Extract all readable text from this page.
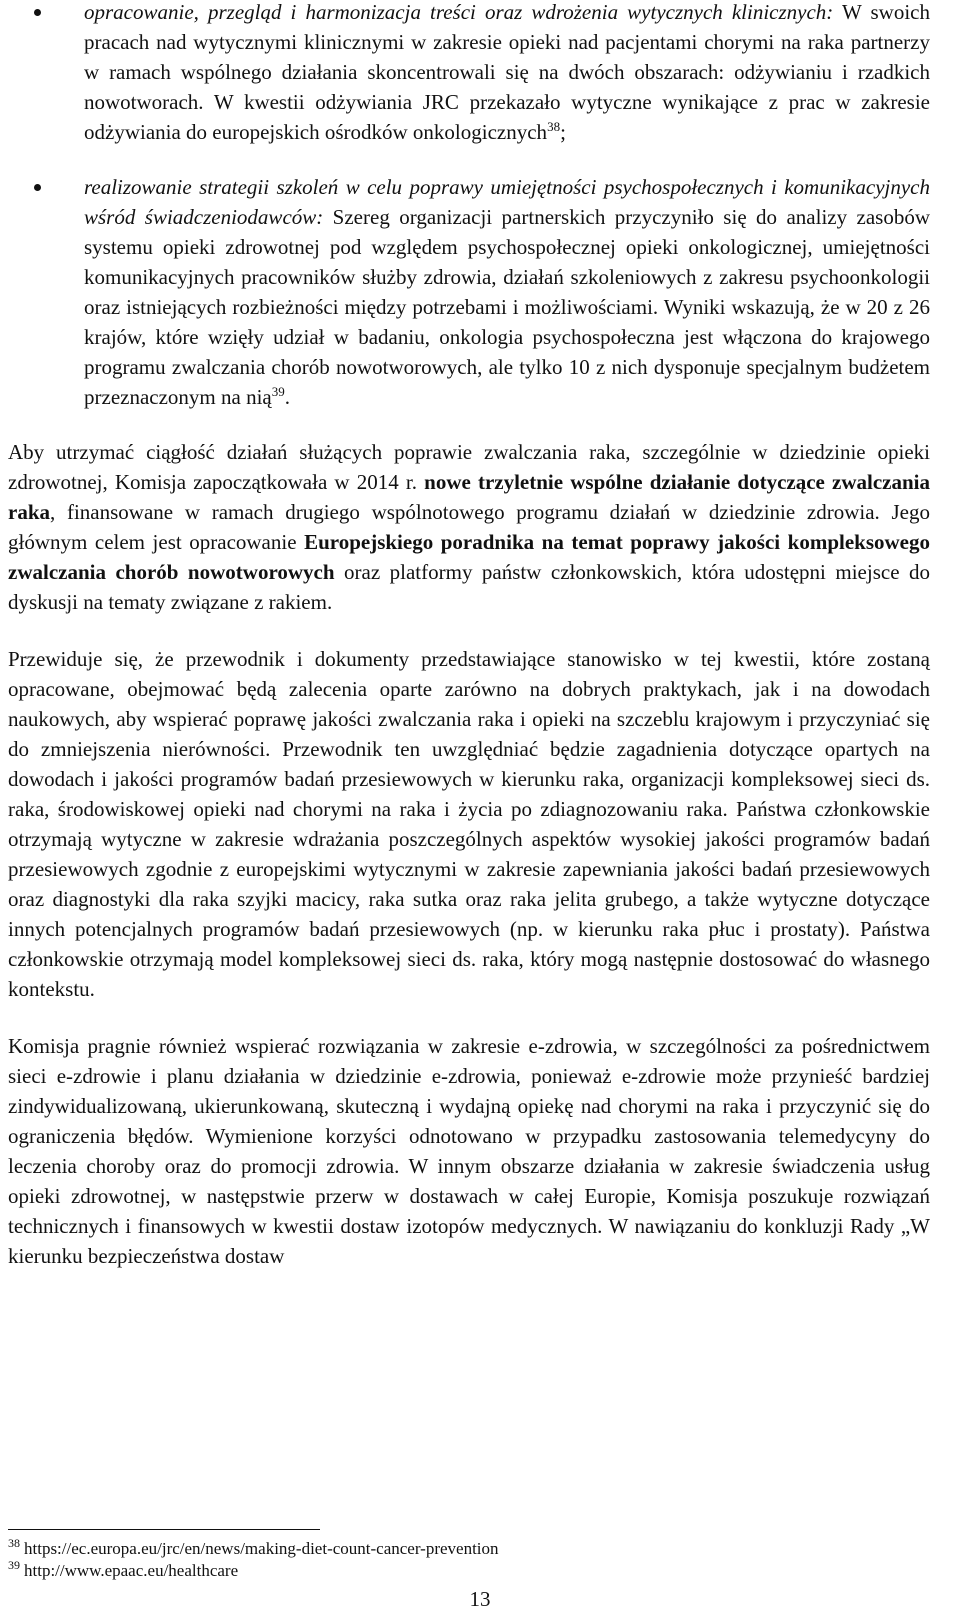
opracowanie, przegląd i harmonizacja treści oraz wdrożenia wytycznych klinicznych: W swoich pracach nad wytycznymi klinicznymi w zakresie opieki nad pacjentami chorymi na raka partnerzy w ramach wspólnego działania skoncentrowali się na dwóch obszarach: odżywianiu i rzadkich nowotworach. W kwestii odżywiania JRC przekazało wytyczne wynikające z prac w zakresie odżywiania do europejskich ośrodków onkologicznych$^{38}$;
realizowanie strategii szkoleń w celu poprawy umiejętności psychospołecznych i komunikacyjnych wśród świadczeniodawców: Szereg organizacji partnerskich przyczyniło się do analizy zasobów systemu opieki zdrowotnej pod względem psychospołecznej opieki onkologicznej, umiejętności komunikacyjnych pracowników służby zdrowia, działań szkoleniowych z zakresu psychoonkologii oraz istniejących rozbieżności między potrzebami i możliwościami. Wyniki wskazują, że w 20 z 26 krajów, które wzięły udział w badaniu, onkologia psychospołeczna jest włączona do krajowego programu zwalczania chorób nowotworowych, ale tylko 10 z nich dysponuje specjalnym budżetem przeznaczonym na nią$^{39}$.

Aby utrzymać ciągłość działań służących poprawie zwalczania raka, szczególnie w dziedzinie opieki zdrowotnej, Komisja zapoczątkowała w 2014 r. nowe trzyletnie wspólne działanie dotyczące zwalczania raka, finansowane w ramach drugiego wspólnotowego programu działań w dziedzinie zdrowia. Jego głównym celem jest opracowanie Europejskiego poradnika na temat poprawy jakości kompleksowego zwalczania chorób nowotworowych oraz platformy państw członkowskich, która udostępni miejsce do dyskusji na tematy związane z rakiem.

Przewiduje się, że przewodnik i dokumenty przedstawiające stanowisko w tej kwestii, które zostaną opracowane, obejmować będą zalecenia oparte zarówno na dobrych praktykach, jak i na dowodach naukowych, aby wspierać poprawę jakości zwalczania raka i opieki na szczeblu krajowym i przyczyniać się do zmniejszenia nierówności. Przewodnik ten uwzględniać będzie zagadnienia dotyczące opartych na dowodach i jakości programów badań przesiewowych w kierunku raka, organizacji kompleksowej sieci ds. raka, środowiskowej opieki nad chorymi na raka i życia po zdiagnozowaniu raka. Państwa członkowskie otrzymają wytyczne w zakresie wdrażania poszczególnych aspektów wysokiej jakości programów badań przesiewowych zgodnie z europejskimi wytycznymi w zakresie zapewniania jakości badań przesiewowych oraz diagnostyki dla raka szyjki macicy, raka sutka oraz raka jelita grubego, a także wytyczne dotyczące innych potencjalnych programów badań przesiewowych (np. w kierunku raka płuc i prostaty). Państwa członkowskie otrzymają model kompleksowej sieci ds. raka, który mogą następnie dostosować do własnego kontekstu.

Komisja pragnie również wspierać rozwiązania w zakresie e-zdrowia, w szczególności za pośrednictwem sieci e-zdrowie i planu działania w dziedzinie e-zdrowia, ponieważ e-zdrowie może przynieść bardziej zindywidualizowaną, ukierunkowaną, skuteczną i wydajną opiekę nad chorymi na raka i przyczynić się do ograniczenia błędów. Wymienione korzyści odnotowano w przypadku zastosowania telemedycyny do leczenia choroby oraz do promocji zdrowia. W innym obszarze działania w zakresie świadczenia usług opieki zdrowotnej, w następstwie przerw w dostawach w całej Europie, Komisja poszukuje rozwiązań technicznych i finansowych w kwestii dostaw izotopów medycznych. W nawiązaniu do konkluzji Rady „W kierunku bezpieczeństwa dostaw

$^{38}$ https://ec.europa.eu/jrc/en/news/making-diet-count-cancer-prevention
$^{39}$ http://www.epaac.eu/healthcare
13
